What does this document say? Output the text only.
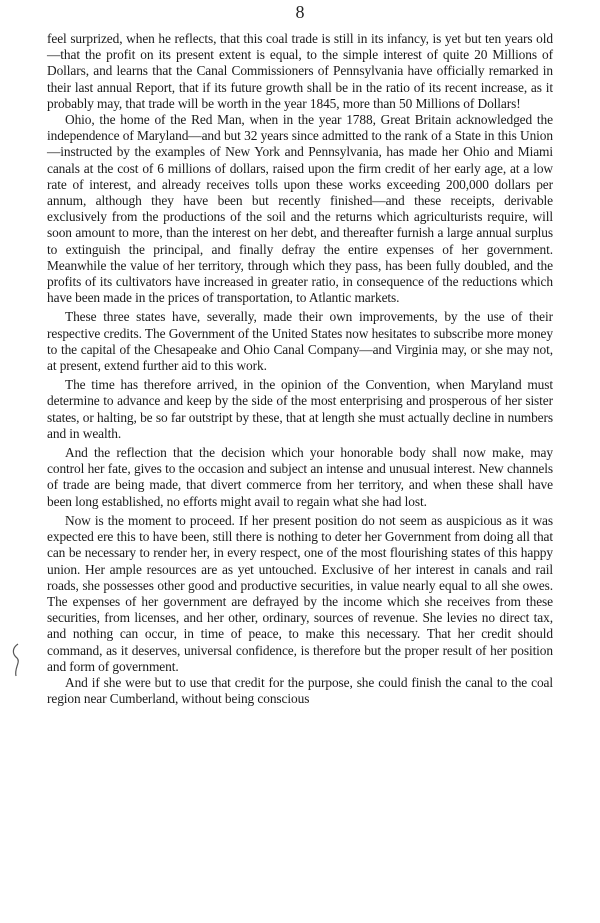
8

feel surprized, when he reflects, that this coal trade is still in its infancy, is yet but ten years old—that the profit on its present extent is equal, to the simple interest of quite 20 Millions of Dollars, and learns that the Canal Commissioners of Pennsylvania have officially remarked in their last annual Report, that if its future growth shall be in the ratio of its recent increase, as it probably may, that trade will be worth in the year 1845, more than 50 Millions of Dollars!

Ohio, the home of the Red Man, when in the year 1788, Great Britain acknowledged the independence of Maryland—and but 32 years since admitted to the rank of a State in this Union—instructed by the examples of New York and Pennsylvania, has made her Ohio and Miami canals at the cost of 6 millions of dollars, raised upon the firm credit of her early age, at a low rate of interest, and already receives tolls upon these works exceeding 200,000 dollars per annum, although they have been but recently finished—and these receipts, derivable exclusively from the productions of the soil and the returns which agriculturists require, will soon amount to more, than the interest on her debt, and thereafter furnish a large annual surplus to extinguish the principal, and finally defray the entire expenses of her government. Meanwhile the value of her territory, through which they pass, has been fully doubled, and the profits of its cultivators have increased in greater ratio, in consequence of the reductions which have been made in the prices of transportation, to Atlantic markets.

These three states have, severally, made their own improvements, by the use of their respective credits. The Government of the United States now hesitates to subscribe more money to the capital of the Chesapeake and Ohio Canal Company—and Virginia may, or she may not, at present, extend further aid to this work.

The time has therefore arrived, in the opinion of the Convention, when Maryland must determine to advance and keep by the side of the most enterprising and prosperous of her sister states, or halting, be so far outstript by these, that at length she must actually decline in numbers and in wealth.

And the reflection that the decision which your honorable body shall now make, may control her fate, gives to the occasion and subject an intense and unusual interest. New channels of trade are being made, that divert commerce from her territory, and when these shall have been long established, no efforts might avail to regain what she had lost.

Now is the moment to proceed. If her present position do not seem as auspicious as it was expected ere this to have been, still there is nothing to deter her Government from doing all that can be necessary to render her, in every respect, one of the most flourishing states of this happy union. Her ample resources are as yet untouched. Exclusive of her interest in canals and rail roads, she possesses other good and productive securities, in value nearly equal to all she owes. The expenses of her government are defrayed by the income which she receives from these securities, from licenses, and her other, ordinary, sources of revenue. She levies no direct tax, and nothing can occur, in time of peace, to make this necessary. That her credit should command, as it deserves, universal confidence, is therefore but the proper result of her position and form of government.

And if she were but to use that credit for the purpose, she could finish the canal to the coal region near Cumberland, without being conscious
